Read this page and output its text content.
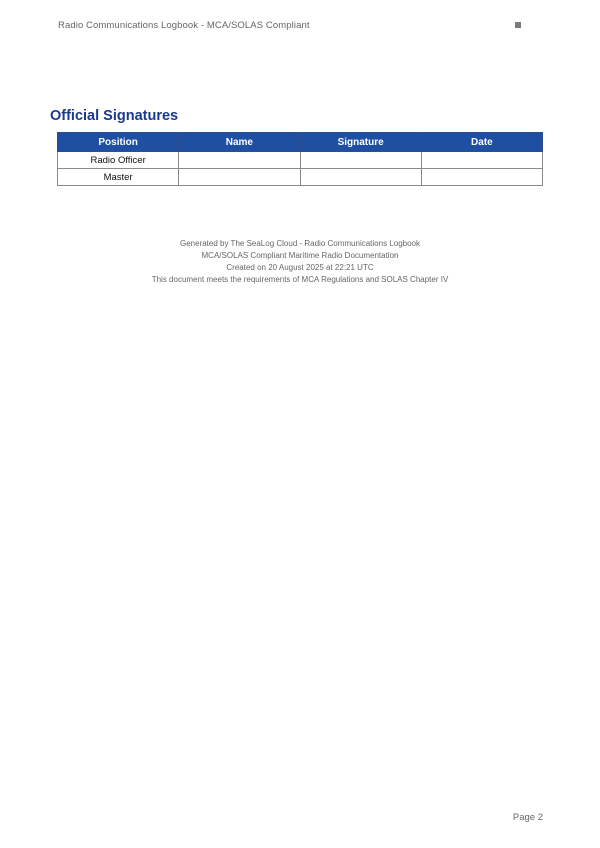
Radio Communications Logbook - MCA/SOLAS Compliant
Official Signatures
Position	Name	Signature	Date
Radio Officer			
Master			
Generated by The SeaLog Cloud - Radio Communications Logbook
MCA/SOLAS Compliant Maritime Radio Documentation
Created on 20 August 2025 at 22:21 UTC
This document meets the requirements of MCA Regulations and SOLAS Chapter IV
Page 2
